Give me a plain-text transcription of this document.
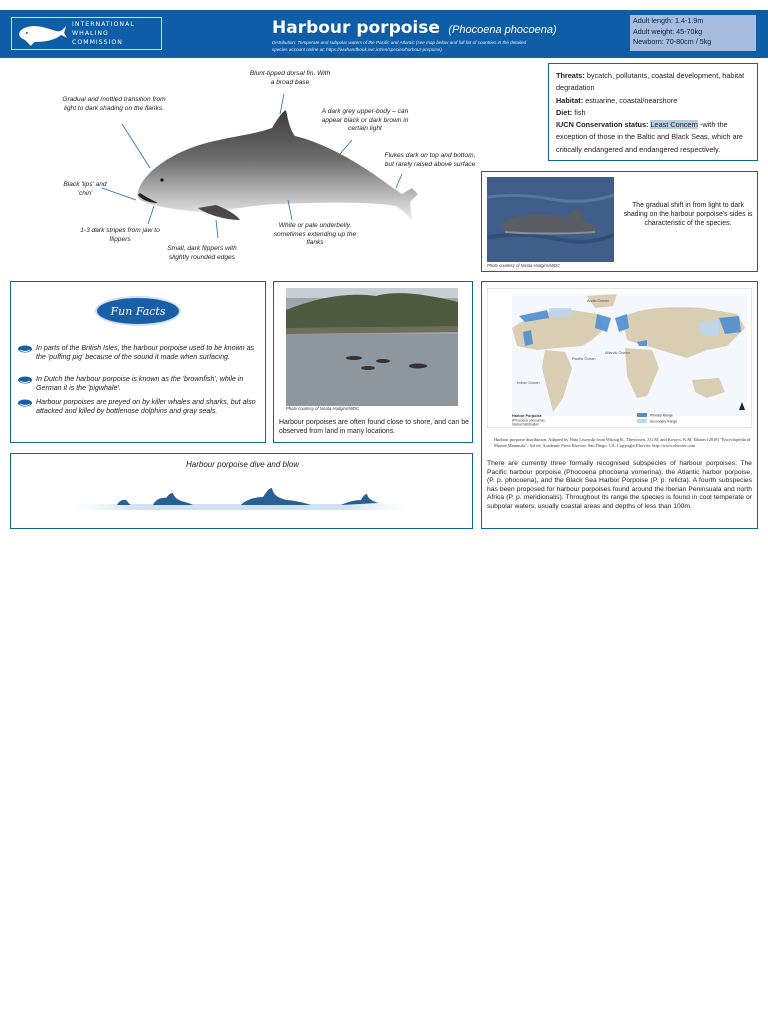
INTERNATIONAL
WHALING COMMISSION
Harbour porpoise (Phocoena phocoena)
Distribution: Temperate and subpolar waters of the Pacific and Atlantic (see map below and full list of countries in the detailed species account online at: https://wwhandbook.iwc.int/en/species/harbour-porpoise).
Adult length: 1.4-1.9m
Adult weight: 45-70kg
Newborn: 70-80cm / 5kg
Blunt-tipped dorsal fin. With a broad base
Gradual and mottled transition from light to dark shading on the flanks.	A dark grey upper-body – can appear black or dark brown in certain light
Flukes dark on top and bottom, but rarely raised above surface
Black 'lips' and 'chin'
1-3 dark stripes from jaw to flippers
Small, dark flippers with slightly rounded edges
White or pale underbelly, sometimes extending up the flanks
Threats: bycatch, pollutants, coastal development, habitat degradation
Habitat: estuarine, coastal/nearshore
Diet: fish
IUCN Conservation status: Least Concern -with the exception of those in the Baltic and Black Seas, which are critically endangered and endangered respectively.
Photo courtesy of Nicola Hodgins/WDC
The gradual shift in from light to dark shading on the harbour porpoise's sides is characteristic of the species.
Fun Facts
In parts of the British Isles, the harbour porpoise used to be known as the 'puffing pig' because of the sound it made when surfacing.
In Dutch the harbour porpoise is known as the 'brownfish', while in German it is the 'pigwhale'.
Harbour porpoises are preyed on by killer whales and sharks, but also attacked and killed by bottlenose dolphins and gray seals.	Photo courtesy of Nicola Hodgins/WDC
Harbour porpoises are often found close to shore, and can be observed from land in many locations.
Arctic Ocean
Pacific Ocean
Atlantic Ocean
Indian Ocean
Harbor Porpoise
(Phocoena phocoena)
Global Distribution
Primary Range
Secondary Range
Harbour porpoise distribution. Adapted by Nina Lisowski from Würsig B., Thewissen, J.G.M. and Kovacs, K.M. Editors (2018) "Encyclopedia of Marine Mammals", 3rd ed. Academic Press Elsevier. San Diego: CA. Copyright Elsevier. http://www.elsevier.com
There are currently three formally recognised subspecies of harbour porpoises: The Pacific harbour porpoise (Phocoena phocoena vomerina), the Atlantic harbor porpoise, (P. p. phocoena), and the Black Sea Harbor Porpoise (P. p. relicta). A fourth subspecies has been proposed for harbour porpoises found around the Iberian Peninsuala and north Africa (P. p. meridionalis). Throughout its range the species is found in cool temperate or subpolar waters, usually coastal areas and depths of less than 100m.
Harbour porpoise dive and blow
